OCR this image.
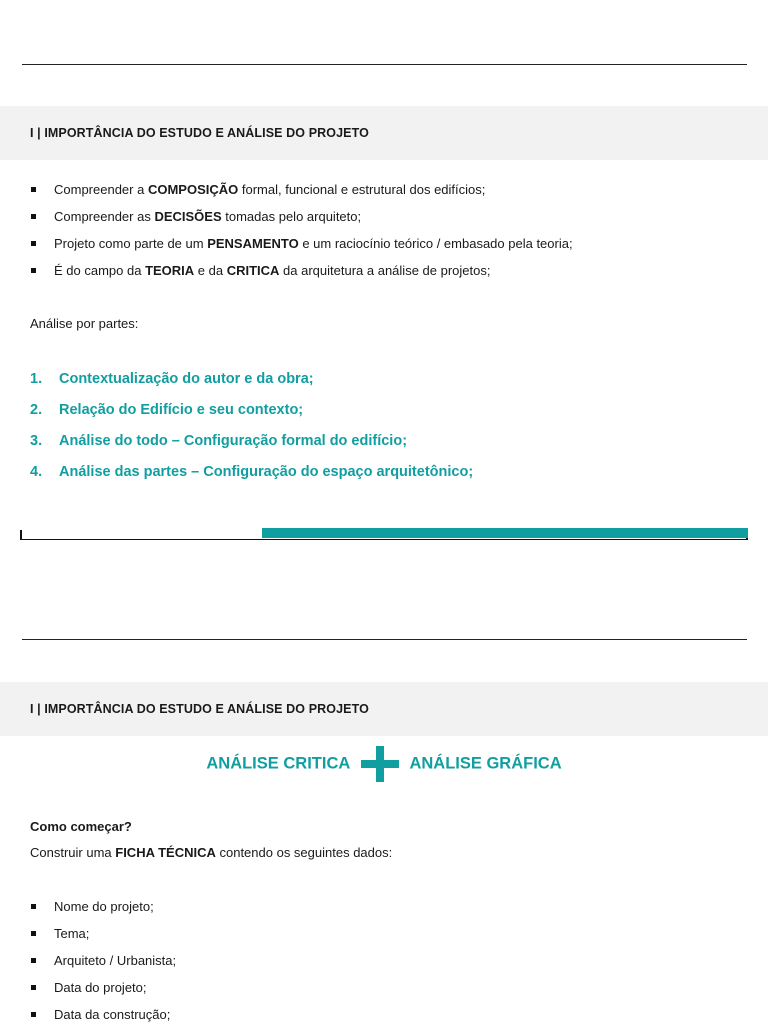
I | IMPORTÂNCIA DO ESTUDO E ANÁLISE DO PROJETO
Compreender a COMPOSIÇÃO formal, funcional e estrutural dos edifícios;
Compreender as DECISÕES tomadas pelo arquiteto;
Projeto como parte de um PENSAMENTO e um raciocínio teórico / embasado pela teoria;
É do campo da TEORIA e da CRITICA da arquitetura a análise de projetos;
Análise por partes:
1. Contextualização do autor e da obra;
2. Relação do Edifício e seu contexto;
3. Análise do todo – Configuração formal do edifício;
4. Análise das partes – Configuração do espaço arquitetônico;
I | IMPORTÂNCIA DO ESTUDO E ANÁLISE DO PROJETO
ANÁLISE CRITICA	ANÁLISE GRÁFICA
Como começar?
Construir uma FICHA TÉCNICA contendo os seguintes dados:
Nome do projeto;
Tema;
Arquiteto / Urbanista;
Data do projeto;
Data da construção;
